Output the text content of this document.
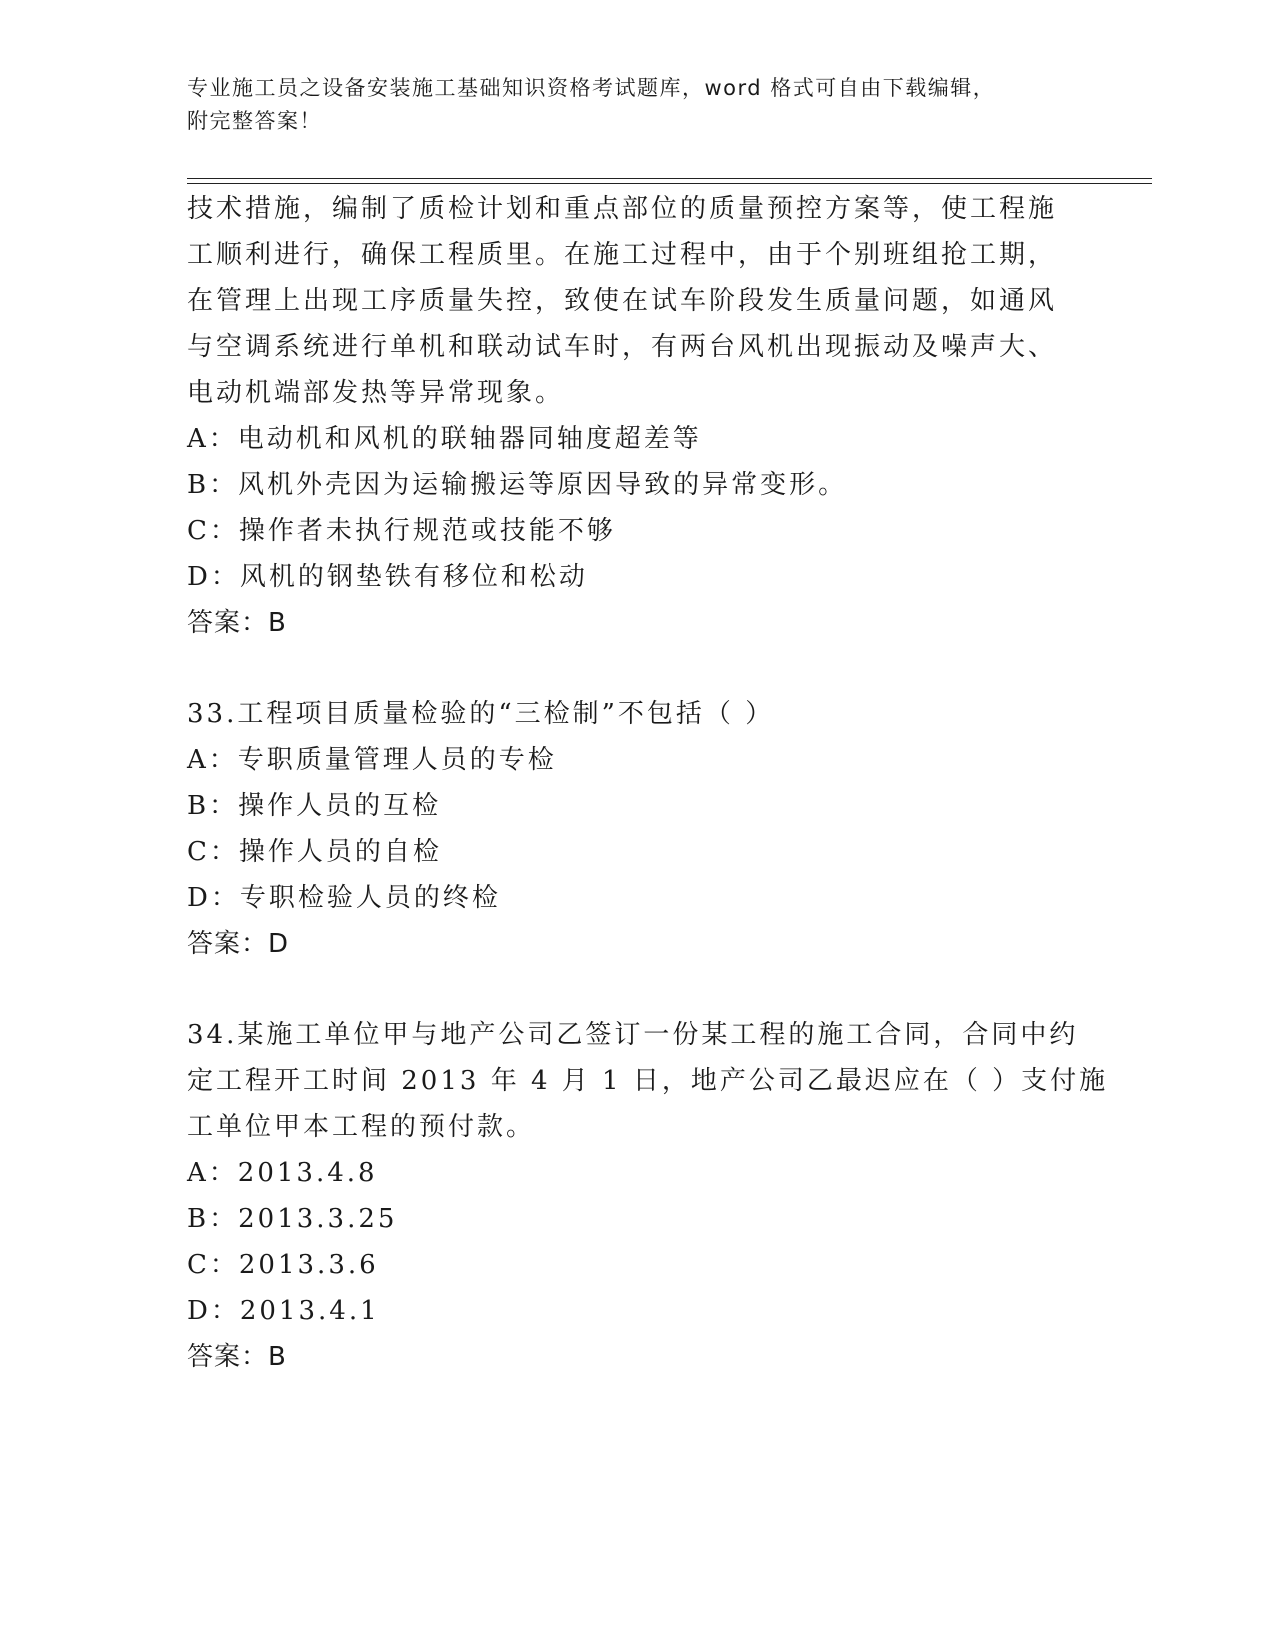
专业施工员之设备安装施工基础知识资格考试题库，word 格式可自由下载编辑，
附完整答案！
技术措施，编制了质检计划和重点部位的质量预控方案等，使工程施
工顺利进行，确保工程质里。在施工过程中，由于个别班组抢工期，
在管理上出现工序质量失控，致使在试车阶段发生质量问题，如通风
与空调系统进行单机和联动试车时，有两台风机出现振动及噪声大、
电动机端部发热等异常现象。
A：电动机和风机的联轴器同轴度超差等
B：风机外壳因为运输搬运等原因导致的异常变形。
C：操作者未执行规范或技能不够
D：风机的钢垫铁有移位和松动
答案：B
33.工程项目质量检验的“三检制”不包括（ ）
A：专职质量管理人员的专检
B：操作人员的互检
C：操作人员的自检
D：专职检验人员的终检
答案：D
34.某施工单位甲与地产公司乙签订一份某工程的施工合同，合同中约
定工程开工时间 2013 年 4 月 1 日，地产公司乙最迟应在（ ）支付施
工单位甲本工程的预付款。
A：2013.4.8
B：2013.3.25
C：2013.3.6
D：2013.4.1
答案：B
